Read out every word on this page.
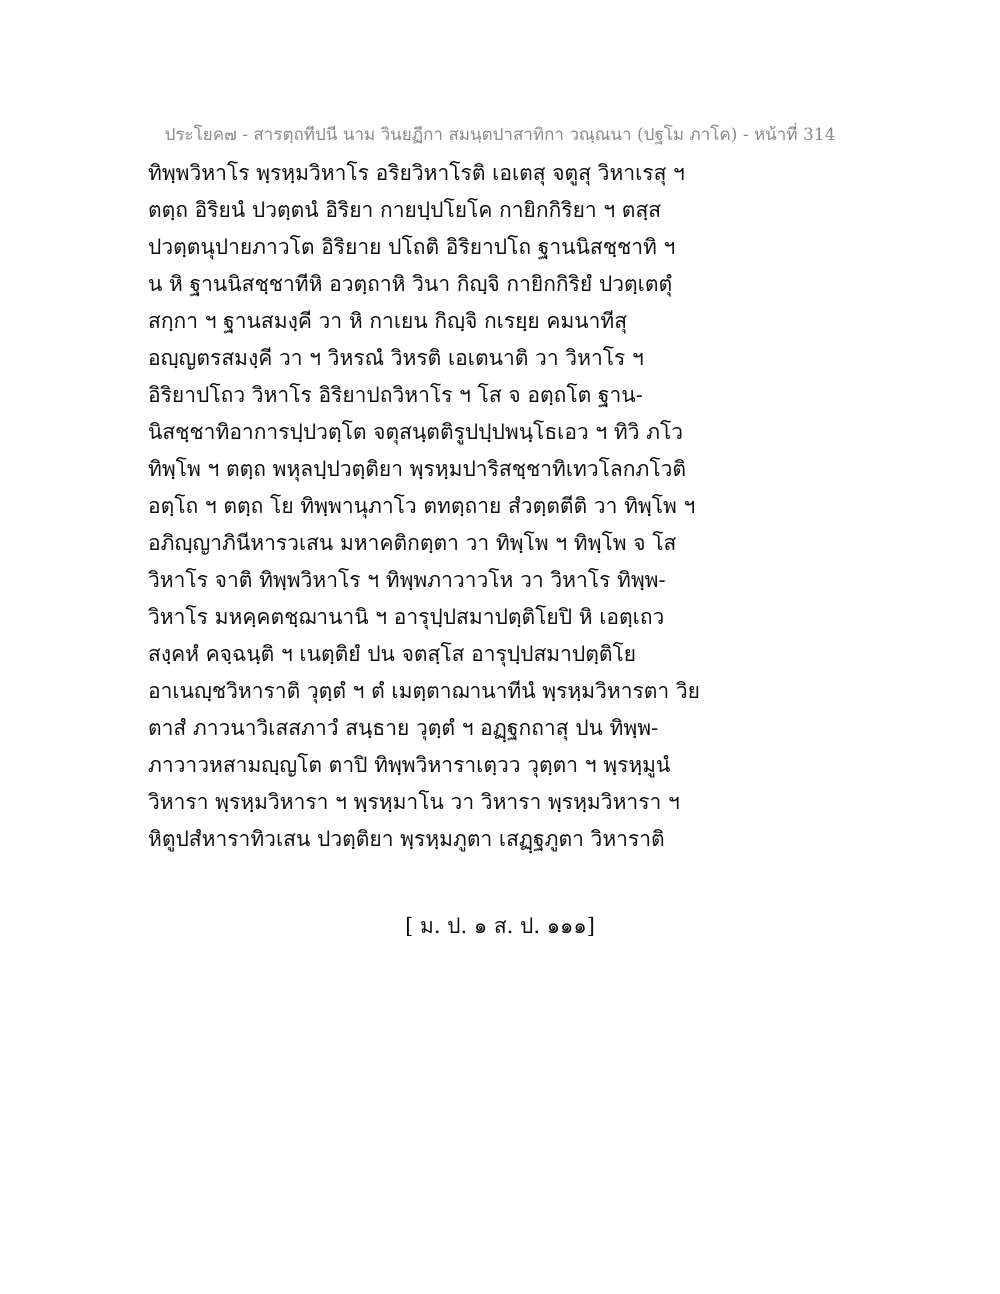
ประโยค๗ - สารตฺถทีปนี นาม วินยฏีกา สมนฺตปาสาทิกา วณฺณนา (ปฐโม ภาโค) - หน้าที่ 314
ทิพฺพวิหาโร พฺรหฺมวิหาโร อริยวิหาโรติ เอเตสุ จตูสุ วิหาเรสุ ฯ
ตตฺถ อิริยนํ ปวตฺตนํ อิริยา กายปฺปโยโค กายิกกิริยา ฯ ตสฺส
ปวตฺตนุปายภาวโต อิริยาย ปโถติ อิริยาปโถ ฐานนิสชฺชาทิ ฯ
น หิ ฐานนิสชฺชาทีหิ อวตฺถาหิ วินา กิญฺจิ กายิกกิริยํ ปวตฺเตตุํ
สกฺกา ฯ ฐานสมงฺคี วา หิ กาเยน กิญฺจิ กเรยฺย คมนาทีสุ
อญฺญตรสมงฺคี วา ฯ วิหรณํ วิหรติ เอเตนาติ วา วิหาโร ฯ
อิริยาปโถว วิหาโร อิริยาปถวิหาโร ฯ โส จ อตฺถโต ฐาน-
นิสชฺชาทิอาการปฺปวตฺโต จตุสนฺตติรูปปฺปพนฺโธเอว ฯ ทิวิ ภโว
ทิพฺโพ ฯ ตตฺถ พหุลปฺปวตฺติยา พฺรหฺมปาริสชฺชาทิเทวโลกภโวติ
อตฺโถ ฯ ตตฺถ โย ทิพฺพานุภาโว ตทตฺถาย สํวตฺตตีติ วา ทิพฺโพ ฯ
อภิญฺญาภินีหารวเสน มหาคติกตฺตา วา ทิพฺโพ ฯ ทิพฺโพ จ โส
วิหาโร จาติ ทิพฺพวิหาโร ฯ ทิพฺพภาวาวโห วา วิหาโร ทิพฺพ-
วิหาโร มหคฺคตชฺฌานานิ ฯ อารุปฺปสมาปตฺติโยปิ หิ เอตฺเถว
สงฺคหํ คจฺฉนฺติ ฯ เนตฺติยํ ปน จตสฺโส อารุปฺปสมาปตฺติโย
อาเนญฺชวิหาราติ วุตฺตํ ฯ ตํ เมตฺตาฌานาทีนํ พฺรหฺมวิหารตา วิย
ตาสํ ภาวนาวิเสสภาวํ สนฺธาย วุตฺตํ ฯ อฏฺฐกถาสุ ปน ทิพฺพ-
ภาวาวหสามญฺญโต ตาปิ ทิพฺพวิหาราเตฺวว วุตฺตา ฯ พฺรหฺมูนํ
วิหารา พฺรหฺมวิหารา ฯ พฺรหฺมาโน วา วิหารา พฺรหฺมวิหารา ฯ
หิตูปสํหาราทิวเสน ปวตฺติยา พฺรหฺมภูตา เสฏฺฐภูตา วิหาราติ
[ ม. ป. ๑ ส. ป. ๑๑๑]
